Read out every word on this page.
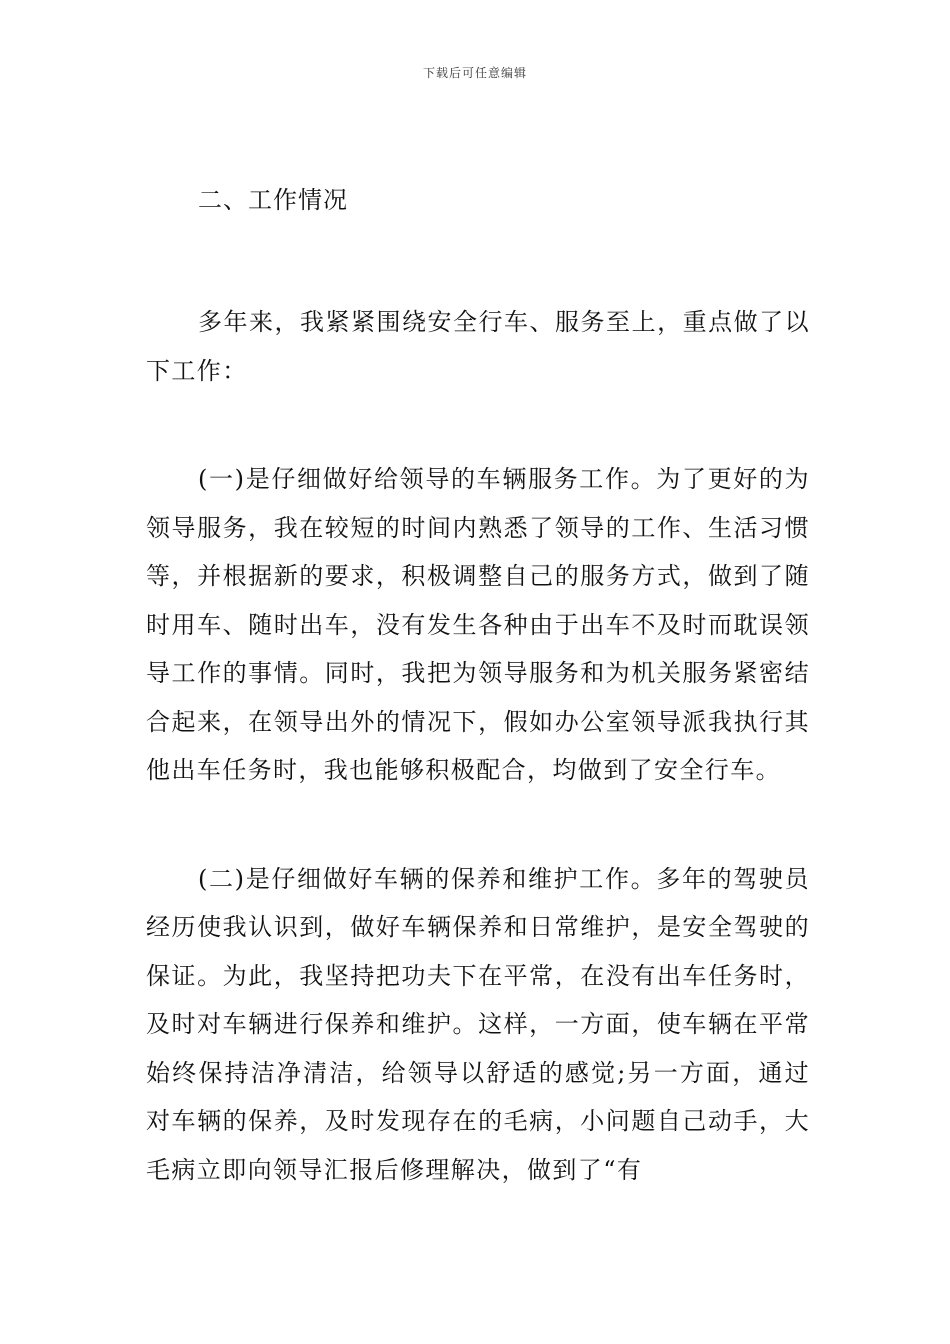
下载后可任意编辑
二、工作情况

多年来，我紧紧围绕安全行车、服务至上，重点做了以下工作：

(一)是仔细做好给领导的车辆服务工作。为了更好的为领导服务，我在较短的时间内熟悉了领导的工作、生活习惯等，并根据新的要求，积极调整自己的服务方式，做到了随时用车、随时出车，没有发生各种由于出车不及时而耽误领导工作的事情。同时，我把为领导服务和为机关服务紧密结合起来，在领导出外的情况下，假如办公室领导派我执行其他出车任务时，我也能够积极配合，均做到了安全行车。

(二)是仔细做好车辆的保养和维护工作。多年的驾驶员经历使我认识到，做好车辆保养和日常维护，是安全驾驶的保证。为此，我坚持把功夫下在平常，在没有出车任务时，及时对车辆进行保养和维护。这样，一方面，使车辆在平常始终保持洁净清洁，给领导以舒适的感觉;另一方面，通过对车辆的保养，及时发现存在的毛病，小问题自己动手，大毛病立即向领导汇报后修理解决，做到了“有
